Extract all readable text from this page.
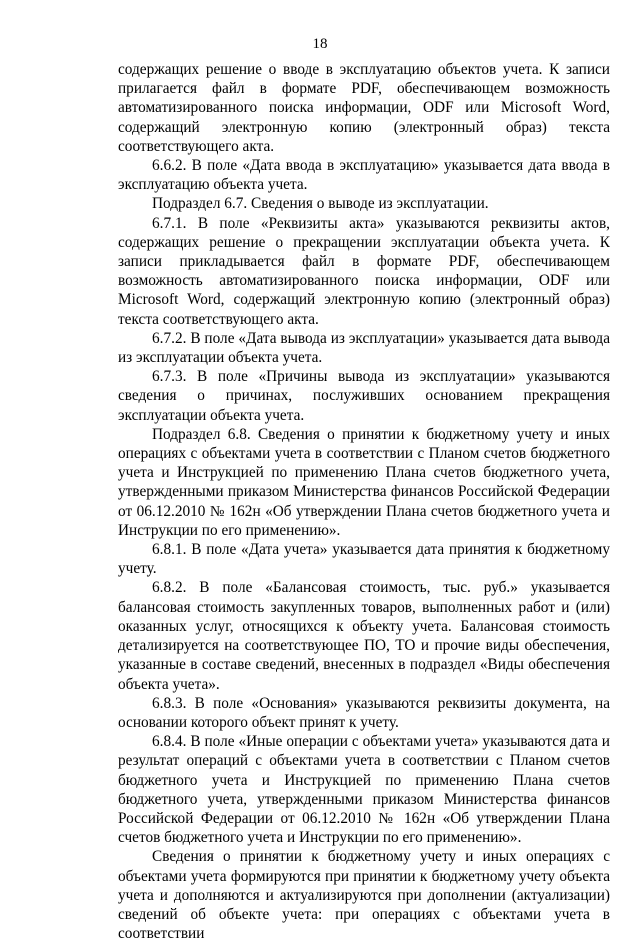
18

содержащих решение о вводе в эксплуатацию объектов учета. К записи прилагается файл в формате PDF, обеспечивающем возможность автоматизированного поиска информации, ODF или Microsoft Word, содержащий электронную копию (электронный образ) текста соответствующего акта.

6.6.2. В поле «Дата ввода в эксплуатацию» указывается дата ввода в эксплуатацию объекта учета.

Подраздел 6.7. Сведения о выводе из эксплуатации.

6.7.1. В поле «Реквизиты акта» указываются реквизиты актов, содержащих решение о прекращении эксплуатации объекта учета. К записи прикладывается файл в формате PDF, обеспечивающем возможность автоматизированного поиска информации, ODF или Microsoft Word, содержащий электронную копию (электронный образ) текста соответствующего акта.

6.7.2. В поле «Дата вывода из эксплуатации» указывается дата вывода из эксплуатации объекта учета.

6.7.3. В поле «Причины вывода из эксплуатации» указываются сведения о причинах, послуживших основанием прекращения эксплуатации объекта учета.

Подраздел 6.8. Сведения о принятии к бюджетному учету и иных операциях с объектами учета в соответствии с Планом счетов бюджетного учета и Инструкцией по применению Плана счетов бюджетного учета, утвержденными приказом Министерства финансов Российской Федерации от 06.12.2010 № 162н «Об утверждении Плана счетов бюджетного учета и Инструкции по его применению».

6.8.1. В поле «Дата учета» указывается дата принятия к бюджетному учету.

6.8.2. В поле «Балансовая стоимость, тыс. руб.» указывается балансовая стоимость закупленных товаров, выполненных работ и (или) оказанных услуг, относящихся к объекту учета. Балансовая стоимость детализируется на соответствующее ПО, ТО и прочие виды обеспечения, указанные в составе сведений, внесенных в подраздел «Виды обеспечения объекта учета».

6.8.3. В поле «Основания» указываются реквизиты документа, на основании которого объект принят к учету.

6.8.4. В поле «Иные операции с объектами учета» указываются дата и результат операций с объектами учета в соответствии с Планом счетов бюджетного учета и Инструкцией по применению Плана счетов бюджетного учета, утвержденными приказом Министерства финансов Российской Федерации от 06.12.2010 № 162н «Об утверждении Плана счетов бюджетного учета и Инструкции по его применению».

Сведения о принятии к бюджетному учету и иных операциях с объектами учета формируются при принятии к бюджетному учету объекта учета и дополняются и актуализируются при дополнении (актуализации) сведений об объекте учета: при операциях с объектами учета в соответствии
